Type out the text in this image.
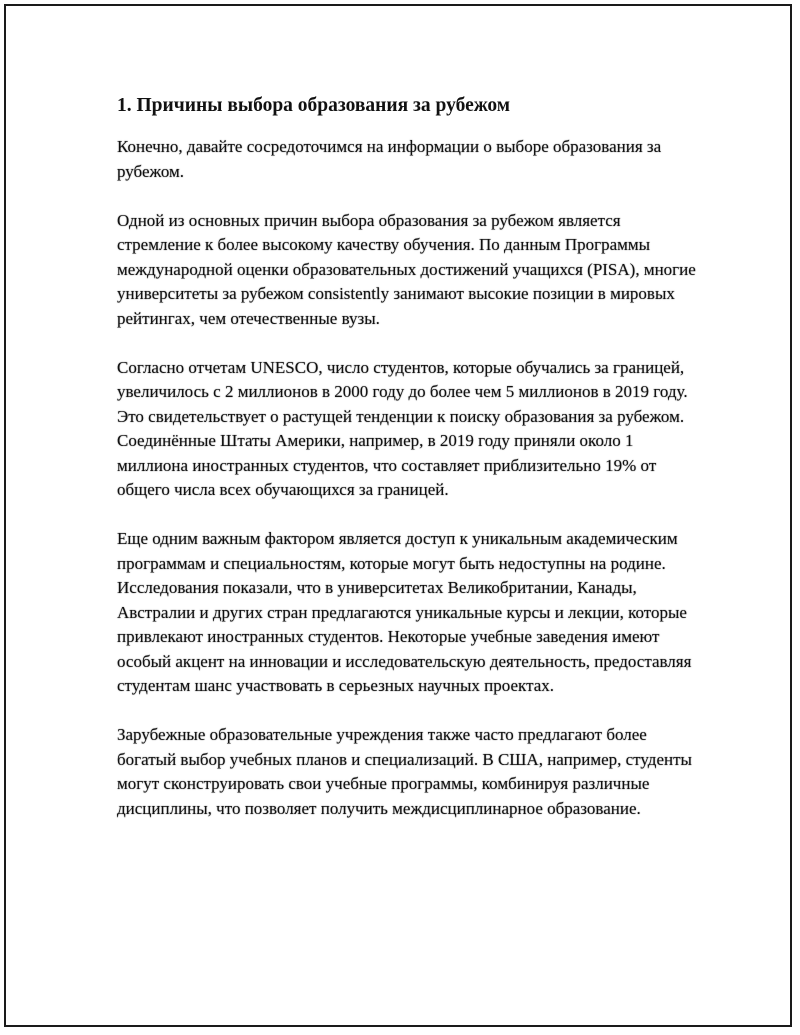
1. Причины выбора образования за рубежом

Конечно, давайте сосредоточимся на информации о выборе образования за рубежом.

Одной из основных причин выбора образования за рубежом является стремление к более высокому качеству обучения. По данным Программы международной оценки образовательных достижений учащихся (PISA), многие университеты за рубежом consistently занимают высокие позиции в мировых рейтингах, чем отечественные вузы.

Согласно отчетам UNESCO, число студентов, которые обучались за границей, увеличилось с 2 миллионов в 2000 году до более чем 5 миллионов в 2019 году. Это свидетельствует о растущей тенденции к поиску образования за рубежом. Соединённые Штаты Америки, например, в 2019 году приняли около 1 миллиона иностранных студентов, что составляет приблизительно 19% от общего числа всех обучающихся за границей.

Еще одним важным фактором является доступ к уникальным академическим программам и специальностям, которые могут быть недоступны на родине. Исследования показали, что в университетах Великобритании, Канады, Австралии и других стран предлагаются уникальные курсы и лекции, которые привлекают иностранных студентов. Некоторые учебные заведения имеют особый акцент на инновации и исследовательскую деятельность, предоставляя студентам шанс участвовать в серьезных научных проектах.

Зарубежные образовательные учреждения также часто предлагают более богатый выбор учебных планов и специализаций. В США, например, студенты могут сконструировать свои учебные программы, комбинируя различные дисциплины, что позволяет получить междисциплинарное образование.
